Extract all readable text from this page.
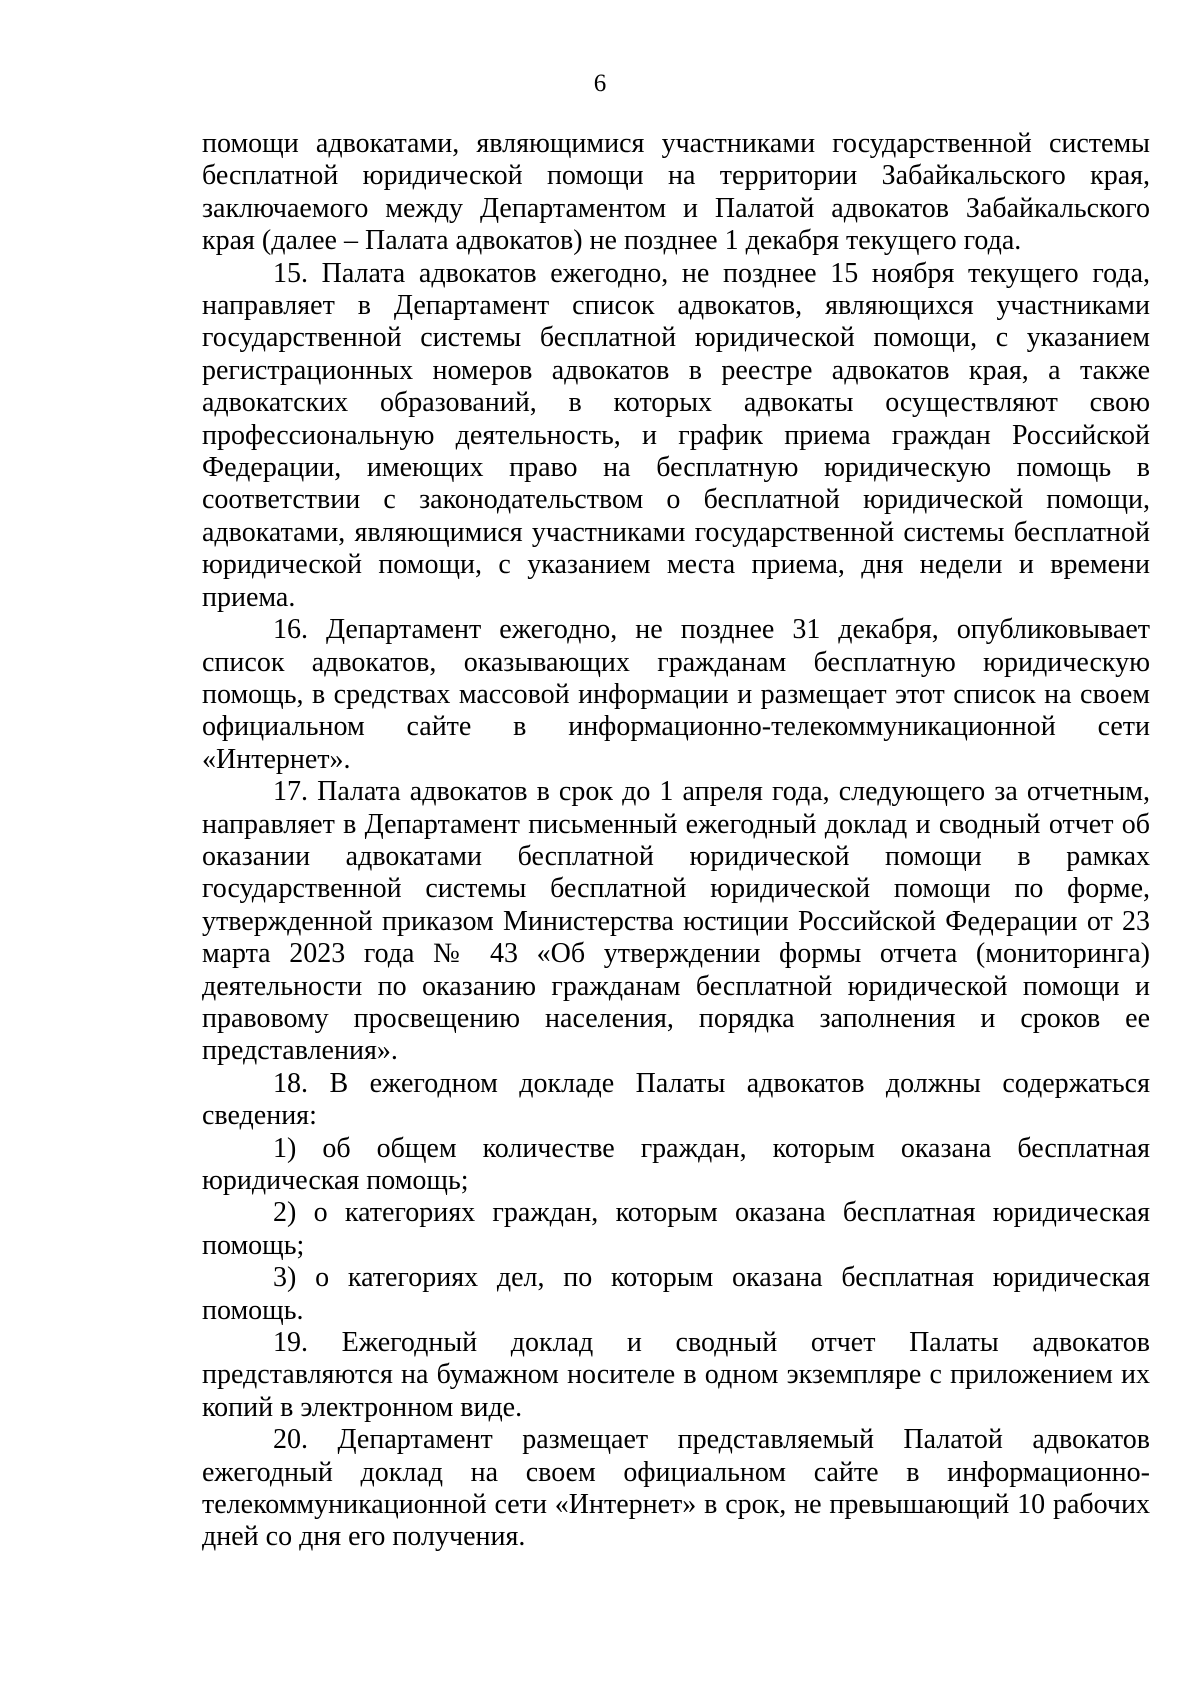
6

помощи адвокатами, являющимися участниками государственной системы бесплатной юридической помощи на территории Забайкальского края, заключаемого между Департаментом и Палатой адвокатов Забайкальского края (далее – Палата адвокатов) не позднее 1 декабря текущего года.

15. Палата адвокатов ежегодно, не позднее 15 ноября текущего года, направляет в Департамент список адвокатов, являющихся участниками государственной системы бесплатной юридической помощи, с указанием регистрационных номеров адвокатов в реестре адвокатов края, а также адвокатских образований, в которых адвокаты осуществляют свою профессиональную деятельность, и график приема граждан Российской Федерации, имеющих право на бесплатную юридическую помощь в соответствии с законодательством о бесплатной юридической помощи, адвокатами, являющимися участниками государственной системы бесплатной юридической помощи, с указанием места приема, дня недели и времени приема.

16. Департамент ежегодно, не позднее 31 декабря, опубликовывает список адвокатов, оказывающих гражданам бесплатную юридическую помощь, в средствах массовой информации и размещает этот список на своем официальном сайте в информационно-телекоммуникационной сети «Интернет».

17. Палата адвокатов в срок до 1 апреля года, следующего за отчетным, направляет в Департамент письменный ежегодный доклад и сводный отчет об оказании адвокатами бесплатной юридической помощи в рамках государственной системы бесплатной юридической помощи по форме, утвержденной приказом Министерства юстиции Российской Федерации от 23 марта 2023 года № 43 «Об утверждении формы отчета (мониторинга) деятельности по оказанию гражданам бесплатной юридической помощи и правовому просвещению населения, порядка заполнения и сроков ее представления».

18. В ежегодном докладе Палаты адвокатов должны содержаться сведения:

1) об общем количестве граждан, которым оказана бесплатная юридическая помощь;

2) о категориях граждан, которым оказана бесплатная юридическая помощь;

3) о категориях дел, по которым оказана бесплатная юридическая помощь.

19. Ежегодный доклад и сводный отчет Палаты адвокатов представляются на бумажном носителе в одном экземпляре с приложением их копий в электронном виде.

20. Департамент размещает представляемый Палатой адвокатов ежегодный доклад на своем официальном сайте в информационно-телекоммуникационной сети «Интернет» в срок, не превышающий 10 рабочих дней со дня его получения.
